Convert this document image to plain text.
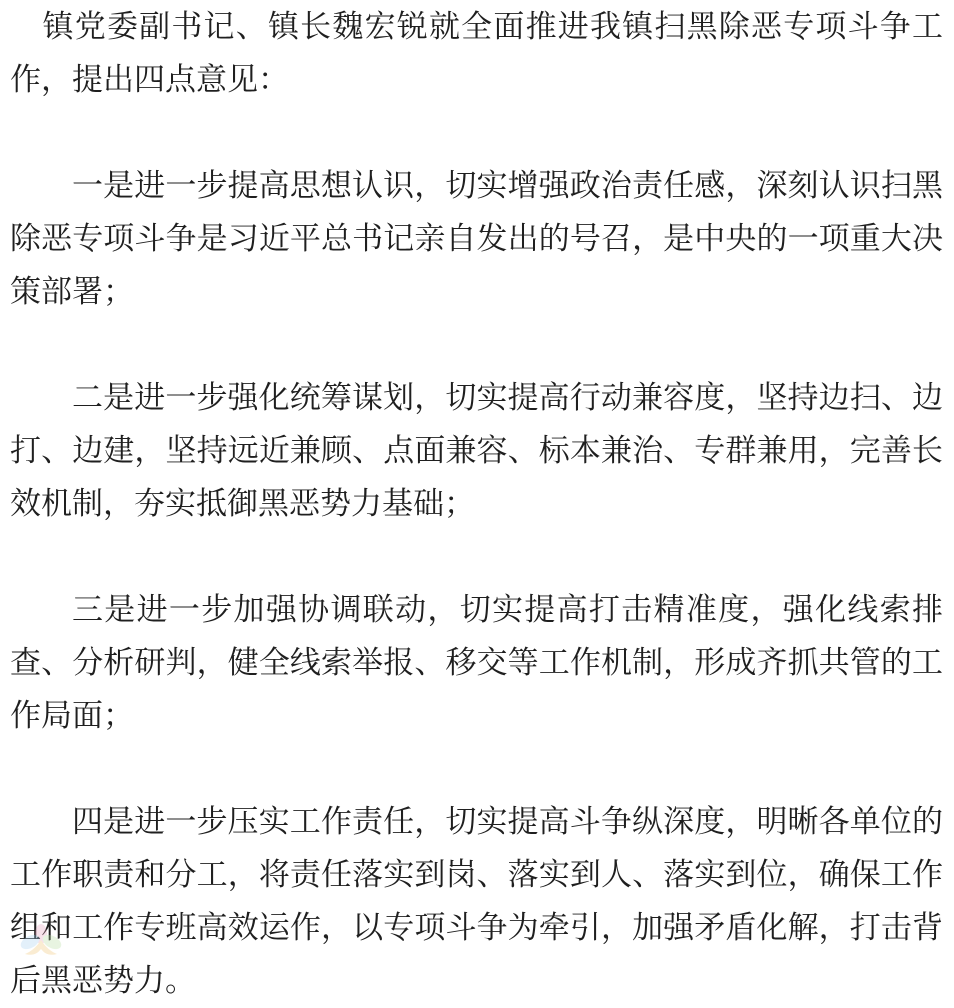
镇党委副书记、镇长魏宏锐就全面推进我镇扫黑除恶专项斗争工作，提出四点意见：

一是进一步提高思想认识，切实增强政治责任感，深刻认识扫黑除恶专项斗争是习近平总书记亲自发出的号召，是中央的一项重大决策部署；

二是进一步强化统筹谋划，切实提高行动兼容度，坚持边扫、边打、边建，坚持远近兼顾、点面兼容、标本兼治、专群兼用，完善长效机制，夯实抵御黑恶势力基础；

三是进一步加强协调联动，切实提高打击精准度，强化线索排查、分析研判，健全线索举报、移交等工作机制，形成齐抓共管的工作局面；

四是进一步压实工作责任，切实提高斗争纵深度，明晰各单位的工作职责和分工，将责任落实到岗、落实到人、落实到位，确保工作组和工作专班高效运作，以专项斗争为牵引，加强矛盾化解，打击背后黑恶势力。
